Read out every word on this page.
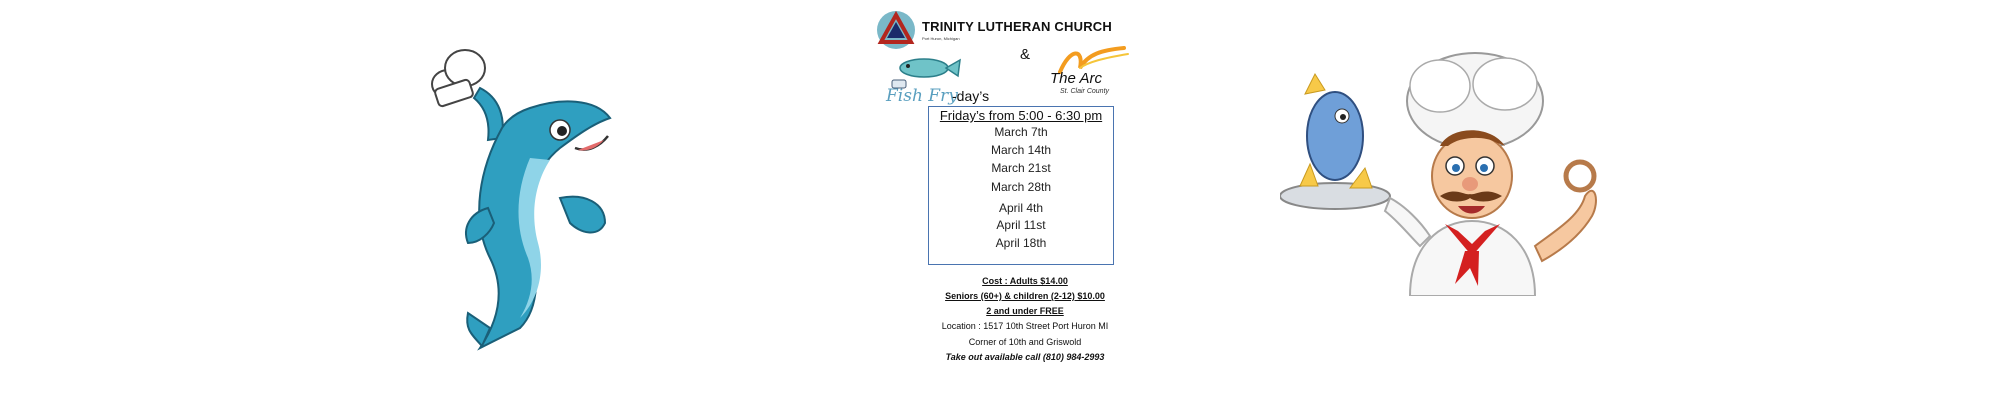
TRINITY LUTHERAN CHURCH
Port Huron, Michigan
&
Fish Fry
-day’s
The Arc
St. Clair County
Friday’s from 5:00 - 6:30 pm
March 7th
March 14th
March 21st
March 28th
April 4th
April 11st
April 18th
Cost : Adults $14.00
Seniors (60+) & children (2-12) $10.00
2 and under FREE
Location : 1517 10th Street Port Huron MI
Corner of 10th and Griswold
Take out available call (810) 984-2993
